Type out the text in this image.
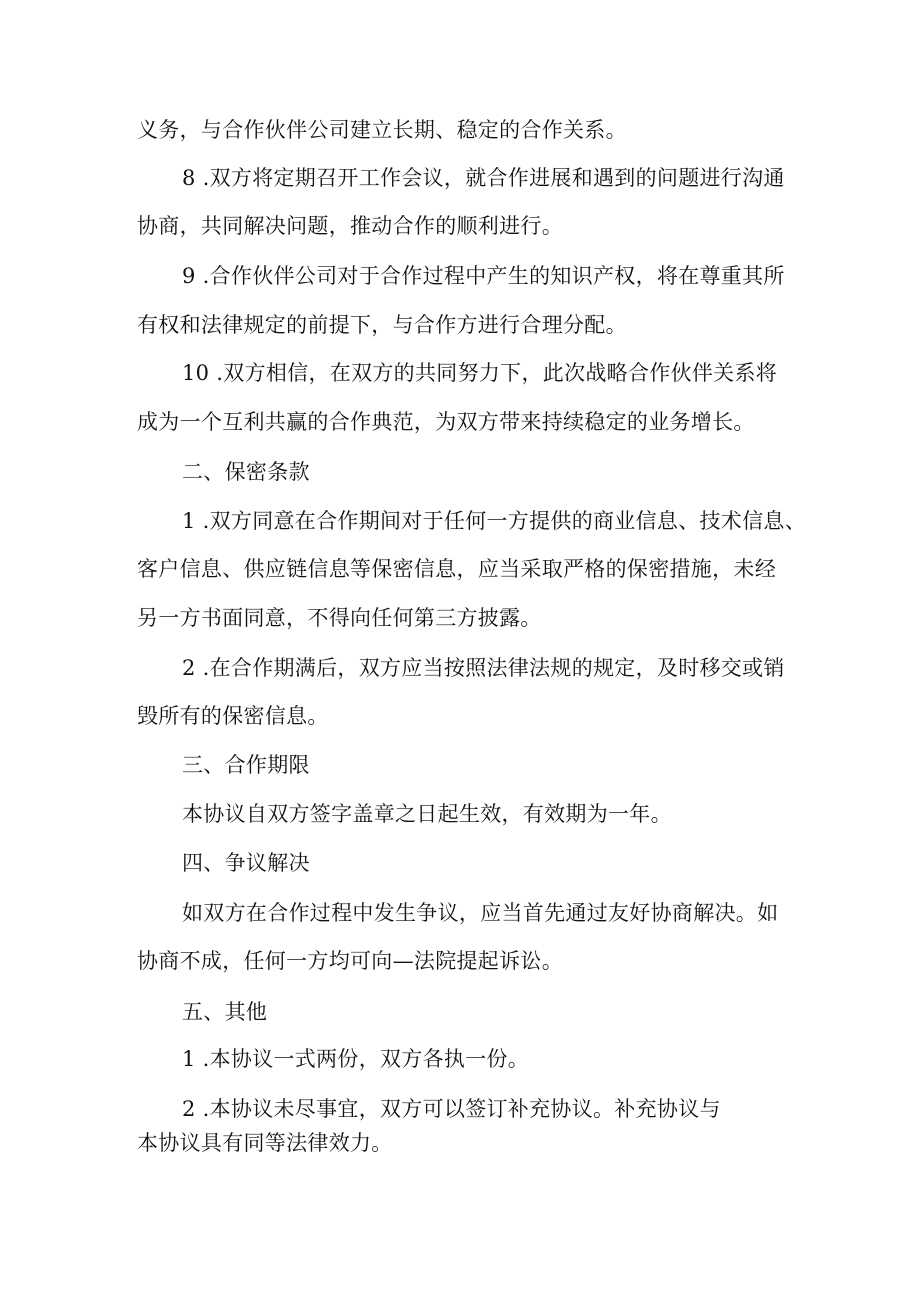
义务，与合作伙伴公司建立长期、稳定的合作关系。
8 .双方将定期召开工作会议，就合作进展和遇到的问题进行沟通
协商，共同解决问题，推动合作的顺利进行。
9 .合作伙伴公司对于合作过程中产生的知识产权，将在尊重其所
有权和法律规定的前提下，与合作方进行合理分配。
10 .双方相信，在双方的共同努力下，此次战略合作伙伴关系将
成为一个互利共赢的合作典范，为双方带来持续稳定的业务增长。
二、保密条款
1 .双方同意在合作期间对于任何一方提供的商业信息、技术信息、
客户信息、供应链信息等保密信息，应当采取严格的保密措施，未经
另一方书面同意，不得向任何第三方披露。
2 .在合作期满后，双方应当按照法律法规的规定，及时移交或销
毁所有的保密信息。
三、合作期限
本协议自双方签字盖章之日起生效，有效期为一年。
四、争议解决
如双方在合作过程中发生争议，应当首先通过友好协商解决。如
协商不成，任何一方均可向—法院提起诉讼。
五、其他
1 .本协议一式两份，双方各执一份。
2 .本协议未尽事宜，双方可以签订补充协议。补充协议与
本协议具有同等法律效力。
